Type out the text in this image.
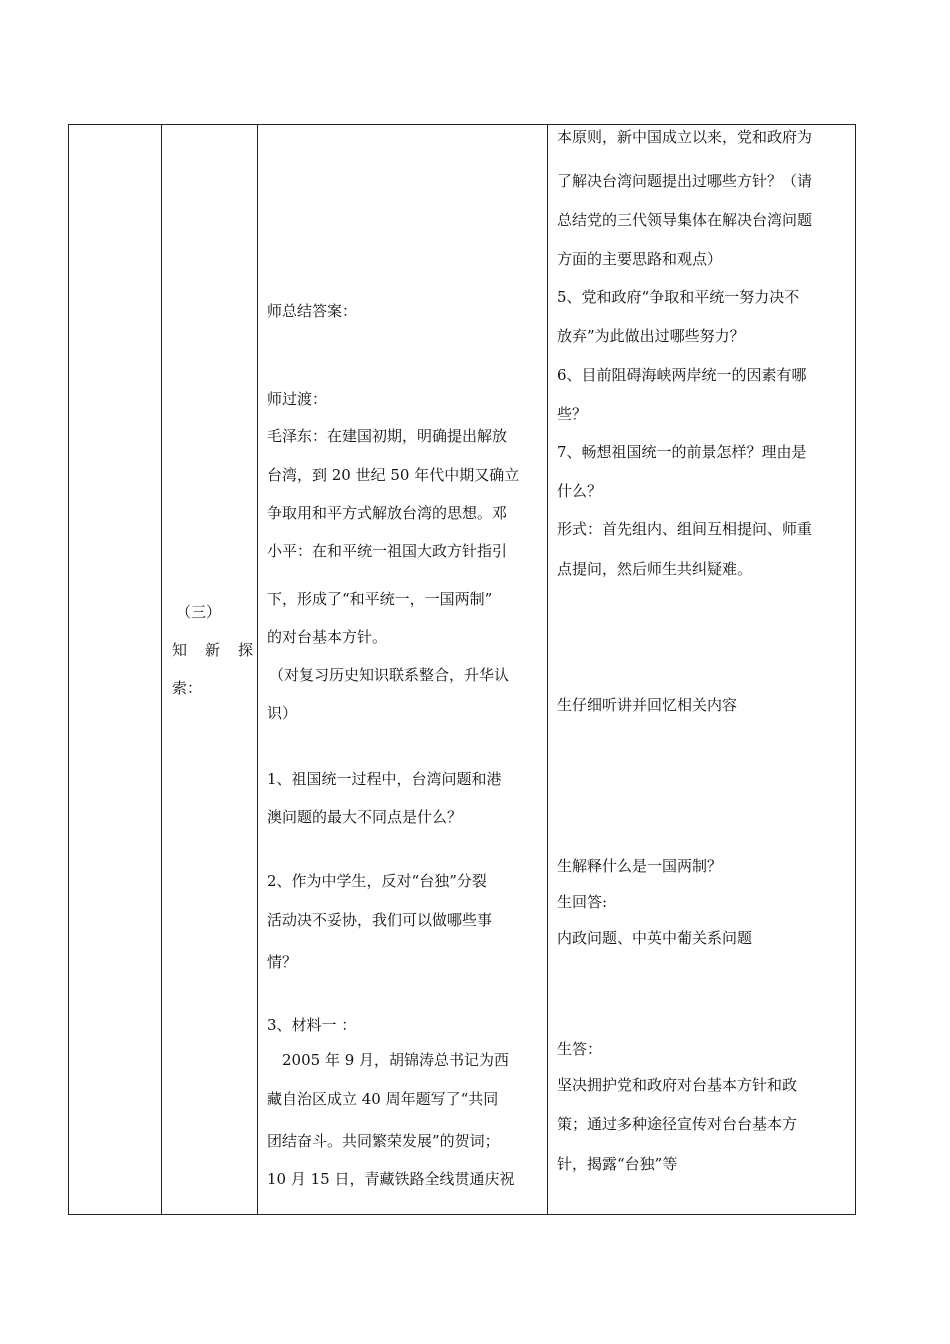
（三）
知新探
索：
师总结答案：
师过渡：
毛泽东：在建国初期，明确提出解放
台湾，到 20 世纪 50 年代中期又确立
争取用和平方式解放台湾的思想。邓
小平：在和平统一祖国大政方针指引
下，形成了“和平统一，一国两制”
的对台基本方针。
（对复习历史知识联系整合，升华认
识）
1、祖国统一过程中，台湾问题和港
澳问题的最大不同点是什么？
2、作为中学生，反对“台独”分裂
活动决不妥协，我们可以做哪些事
情？
3、材料一 ：
　2005 年 9 月，胡锦涛总书记为西
藏自治区成立 40 周年题写了“共同
团结奋斗。共同繁荣发展”的贺词；
10 月 15 日，青藏铁路全线贯通庆祝
本原则，新中国成立以来，党和政府为
了解决台湾问题提出过哪些方针？（请
总结党的三代领导集体在解决台湾问题
方面的主要思路和观点）
5、党和政府“争取和平统一努力决不
放弃”为此做出过哪些努力？
6、目前阻碍海峡两岸统一的因素有哪
些？
7、畅想祖国统一的前景怎样？理由是
什么？
形式：首先组内、组间互相提问、师重
点提问，然后师生共纠疑难。
生仔细听讲并回忆相关内容
生解释什么是一国两制？
生回答:
内政问题、中英中葡关系问题
生答：
坚决拥护党和政府对台基本方针和政
策；通过多种途径宣传对台台基本方
针，揭露“台独”等
